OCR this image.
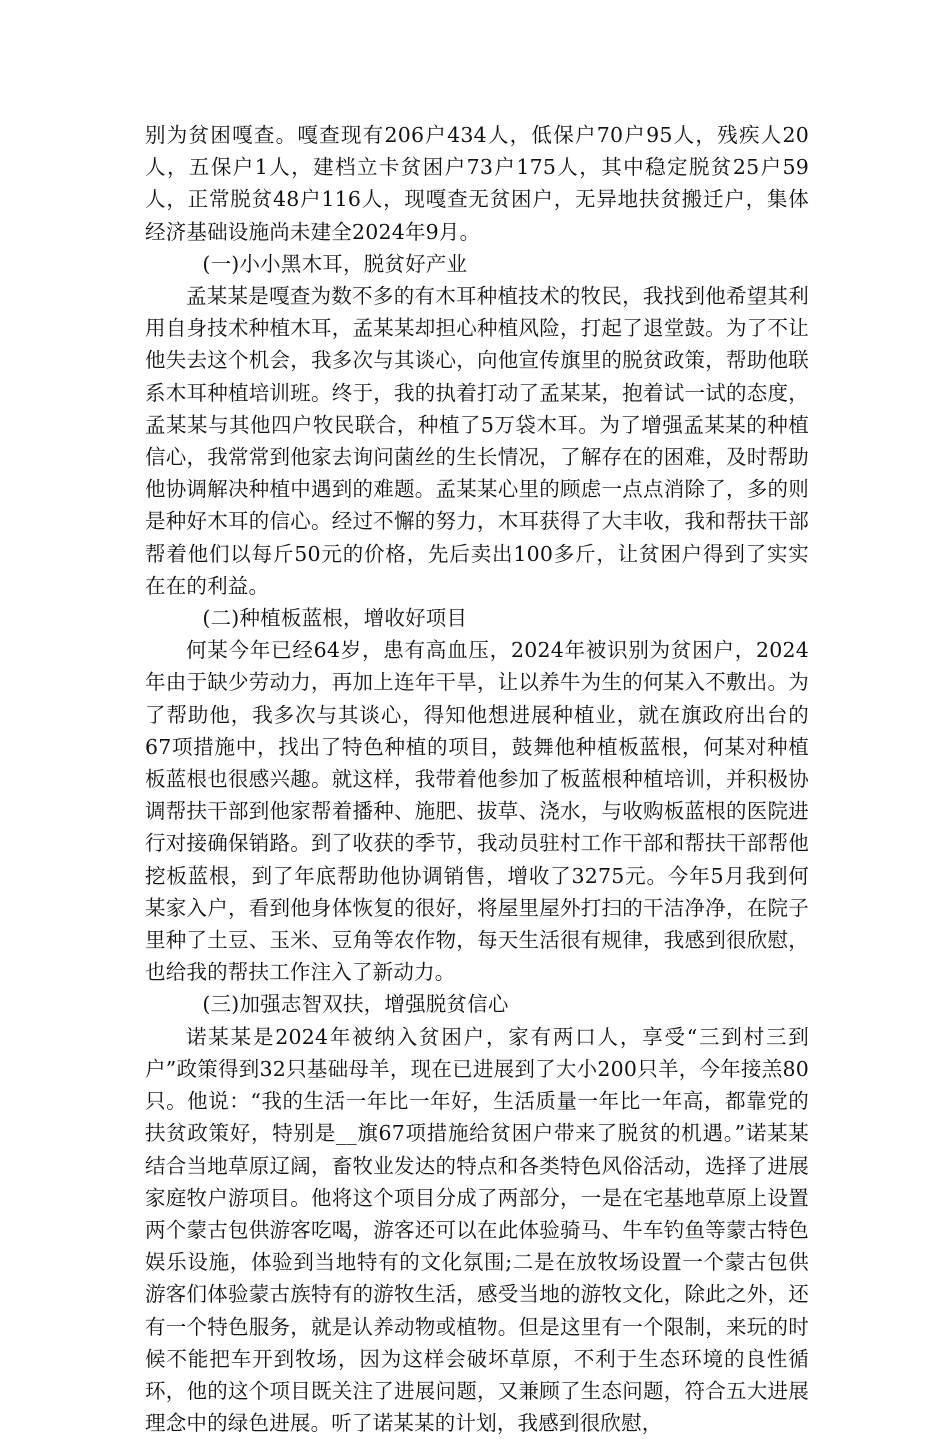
别为贫困嘎查。嘎查现有206户434人，低保户70户95人，残疾人20人，五保户1人，建档立卡贫困户73户175人，其中稳定脱贫25户59人，正常脱贫48户116人，现嘎查无贫困户，无异地扶贫搬迁户，集体经济基础设施尚未建全2024年9月。

(一)小小黑木耳，脱贫好产业

孟某某是嘎查为数不多的有木耳种植技术的牧民，我找到他希望其利用自身技术种植木耳，孟某某却担心种植风险，打起了退堂鼓。为了不让他失去这个机会，我多次与其谈心，向他宣传旗里的脱贫政策，帮助他联系木耳种植培训班。终于，我的执着打动了孟某某，抱着试一试的态度，孟某某与其他四户牧民联合，种植了5万袋木耳。为了增强孟某某的种植信心，我常常到他家去询问菌丝的生长情况，了解存在的困难，及时帮助他协调解决种植中遇到的难题。孟某某心里的顾虑一点点消除了，多的则是种好木耳的信心。经过不懈的努力，木耳获得了大丰收，我和帮扶干部帮着他们以每斤50元的价格，先后卖出100多斤，让贫困户得到了实实在在的利益。

(二)种植板蓝根，增收好项目

何某今年已经64岁，患有高血压，2024年被识别为贫困户，2024年由于缺少劳动力，再加上连年干旱，让以养牛为生的何某入不敷出。为了帮助他，我多次与其谈心，得知他想进展种植业，就在旗政府出台的67项措施中，找出了特色种植的项目，鼓舞他种植板蓝根，何某对种植板蓝根也很感兴趣。就这样，我带着他参加了板蓝根种植培训，并积极协调帮扶干部到他家帮着播种、施肥、拔草、浇水，与收购板蓝根的医院进行对接确保销路。到了收获的季节，我动员驻村工作干部和帮扶干部帮他挖板蓝根，到了年底帮助他协调销售，增收了3275元。今年5月我到何某家入户，看到他身体恢复的很好，将屋里屋外打扫的干洁净净，在院子里种了土豆、玉米、豆角等农作物，每天生活很有规律，我感到很欣慰，也给我的帮扶工作注入了新动力。

(三)加强志智双扶，增强脱贫信心

诺某某是2024年被纳入贫困户，家有两口人，享受“三到村三到户”政策得到32只基础母羊，现在已进展到了大小200只羊，今年接羔80只。他说：“我的生活一年比一年好，生活质量一年比一年高，都靠党的扶贫政策好，特别是__旗67项措施给贫困户带来了脱贫的机遇。”诺某某结合当地草原辽阔，畜牧业发达的特点和各类特色风俗活动，选择了进展家庭牧户游项目。他将这个项目分成了两部分，一是在宅基地草原上设置两个蒙古包供游客吃喝，游客还可以在此体验骑马、牛车钓鱼等蒙古特色娱乐设施，体验到当地特有的文化氛围;二是在放牧场设置一个蒙古包供游客们体验蒙古族特有的游牧生活，感受当地的游牧文化，除此之外，还有一个特色服务，就是认养动物或植物。但是这里有一个限制，来玩的时候不能把车开到牧场，因为这样会破坏草原，不利于生态环境的良性循环，他的这个项目既关注了进展问题，又兼顾了生态问题，符合五大进展理念中的绿色进展。听了诺某某的计划，我感到很欣慰，
